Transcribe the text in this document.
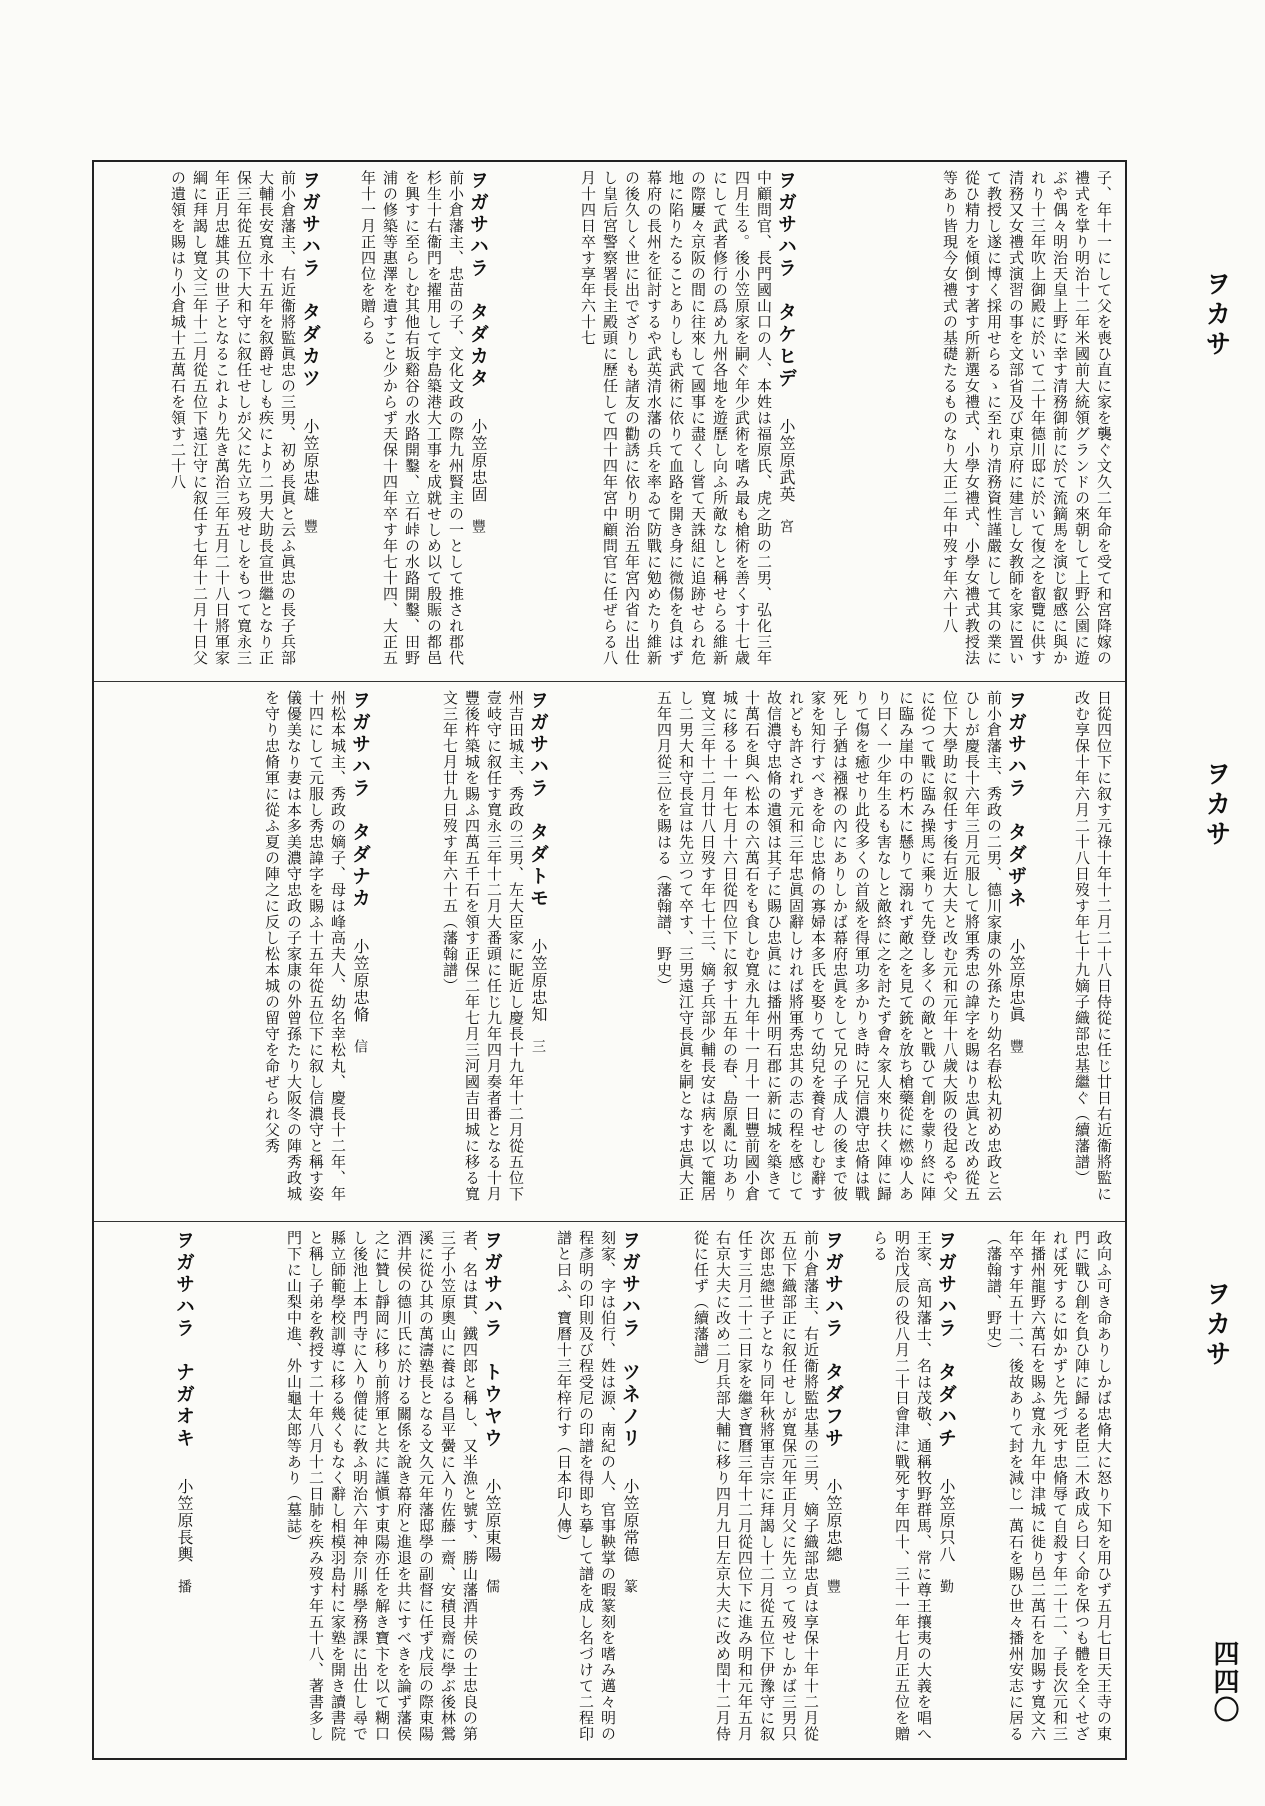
ヲカサ
ヲカサ
ヲカサ
四四〇
子、年十一にして父を喪ひ直に家を襲ぐ文久二年命を受て和宮降嫁の禮式を掌り明治十二年米國前大統領グランドの來朝して上野公園に遊ぶや偶々明治天皇上野に幸す清務御前に於て流鏑馬を演じ叡感に與かれり十三年吹上御殿に於いて二十年德川邸に於いて復之を叡覽に供す清務又女禮式演習の事を文部省及び東京府に建言し女教師を家に置いて教授し遂に博く採用せらるゝに至れり清務資性謹嚴にして其の業に從ひ精力を傾倒す著す所新選女禮式、小學女禮式、小學女禮式教授法等あり皆現今女禮式の基礎たるものなり大正二年中歿す年六十八
ヲガサハラ　タケヒデ小笠原武英　宮
中顧問官、長門國山口の人、本姓は福原氏、虎之助の二男、弘化三年四月生る。後小笠原家を嗣ぐ年少武術を嗜み最も槍術を善くす十七歳にして武者修行の爲め九州各地を遊歷し向ふ所敵なしと稱せらる維新の際屢々京阪の間に往來して國事に盡くし嘗て天誅組に追跡せられ危地に陷りたることありしも武術に依りて血路を開き身に微傷を負はず幕府の長州を征討するや武英清水藩の兵を率ゐて防戰に勉めたり維新の後久しく世に出でざりしも諸友の勸誘に依り明治五年宮內省に出仕し皇后宮警察署長主殿頭に歷任して四十四年宮中顧問官に任ぜらる八月十四日卒す享年六十七
ヲガサハラ　タダカタ小笠原忠固　豐
前小倉藩主、忠苗の子、文化文政の際九州賢主の一として推され郡代杉生十右衞門を擢用して宇島築港大工事を成就せしめ以て殷賑の都邑を興すに至らしむ其他右坂谿谷の水路開鑿、立石峠の水路開鑿、田野浦の修築等惠澤を遺すこと少からず天保十四年卒す年七十四、大正五年十一月正四位を贈らる
ヲガサハラ　タダカツ小笠原忠雄　豐
前小倉藩主、右近衞將監眞忠の三男、初め長眞と云ふ眞忠の長子兵部大輔長安寬永十五年を叙爵せしも疾により二男大助長宣世繼となり正保三年從五位下大和守に叙任せしが父に先立ち歿せしをもつて寬永三年正月忠雄其の世子となるこれより先き萬治三年五月二十八日將軍家綱に拜謁し寬文三年十二月從五位下遠江守に叙任す七年十二月十日父の遺領を賜はり小倉城十五萬石を領す二十八
日從四位下に叙す元祿十年十二月二十八日侍從に任じ廿日右近衞將監に改む享保十年六月二十八日歿す年七十九嫡子織部忠基繼ぐ（續藩譜）
ヲガサハラ　タダザネ小笠原忠眞　豐
前小倉藩主、秀政の二男、德川家康の外孫たり幼名春松丸初め忠政と云ひしが慶長十六年三月元服して將軍秀忠の諱字を賜はり忠眞と改め從五位下大學助に叙任す後右近大夫と改む元和元年十八歲大阪の役起るや父に從つて戰に臨み操馬に乘りて先登し多くの敵と戰ひて創を蒙り終に陣に臨み崖中の朽木に懸りて溺れず敵之を見て銃を放ち槍藥從に燃ゆ人あり曰く一少年生るも害なしと敵終に之を討たず會々家人來り扶く陣に歸りて傷を癒せり此役多くの首級を得軍功多かりき時に兄信濃守忠脩は戰死し子猶は襁褓の內にありしかば幕府忠眞をして兄の子成人の後まで彼家を知行すべきを命じ忠脩の寡婦本多氏を娶りて幼兒を養育せしむ辭すれども許されず元和三年忠眞固辭しければ將軍秀忠其の志の程を感じて故信濃守忠脩の遺領は其子に賜ひ忠眞には播州明石郡に新に城を築きて十萬石を與へ松本の六萬石をも食しむ寬永九年十一月十一日豐前國小倉城に移る十一年七月十六日從四位下に叙す十五年の春、島原亂に功あり寬文三年十二月廿八日歿す年七十三、嫡子兵部少輔長安は病を以て籠居し二男大和守長宣は先立つて卒す、三男遠江守長眞を嗣となす忠眞大正五年四月從三位を賜はる（藩翰譜、野史）
ヲガサハラ　タダトモ小笠原忠知　三
州吉田城主、秀政の三男、左大臣家に眤近し慶長十九年十二月從五位下壹岐守に叙任す寬永三年十二月大番頭に任じ九年四月奏者番となる十月豐後杵築城を賜ふ四萬五千石を領す正保二年七月三河國吉田城に移る寬文三年七月廿九日歿す年六十五（藩翰譜）
ヲガサハラ　タダナカ小笠原忠脩　信
州松本城主、秀政の嫡子、母は峰高夫人、幼名幸松丸、慶長十二年、年十四にして元服し秀忠諱字を賜ふ十五年從五位下に叙し信濃守と稱す姿儀優美なり妻は本多美濃守忠政の子家康の外曾孫たり大阪冬の陣秀政城を守り忠脩軍に從ふ夏の陣之に反し松本城の留守を命ぜられ父秀
政向ふ可き命ありしかば忠脩大に怒り下知を用ひず五月七日天王寺の東門に戰ひ創を負ひ陣に歸る老臣二木政成ら曰く命を保つも體を全くせざれば死するに如かずと先づ死す忠脩辱て自殺す年二十二、子長次元和三年播州龍野六萬石を賜ふ寬永九年中津城に徙り邑二萬石を加賜す寬文六年卒す年五十二、後故ありて封を減じ一萬石を賜ひ世々播州安志に居る（藩翰譜、野史）
ヲガサハラ　タダハチ小笠原只八　勤
王家、高知藩士、名は茂敬、通稱牧野群馬、常に尊王攘夷の大義を唱へ明治戊辰の役八月二十日會津に戰死す年四十、三十一年七月正五位を贈らる
ヲガサハラ　タダフサ小笠原忠總　豐
前小倉藩主、右近衞將監忠基の三男、嫡子織部忠貞は享保十年十二月從五位下織部正に叙任せしが寬保元年正月父に先立って歿せしかば三男只次郎忠總世子となり同年秋將軍吉宗に拜謁し十二月從五位下伊豫守に叙任す三月二十二日家を繼ぎ寶曆三年十二月從四位下に進み明和元年五月右京大夫に改め二月兵部大輔に移り四月九日左京大夫に改め閏十二月侍從に任ず（續藩譜）
ヲガサハラ　ツネノリ小笠原常德　篆
刻家、字は伯行、姓は源、南紀の人、官事鞅掌の暇篆刻を嗜み邁々明の程彥明の印則及び程受尼の印譜を得即ち摹して譜を成し名づけて二程印譜と曰ふ、寶曆十三年梓行す（日本印人傳）
ヲガサハラ　トウヤウ小笠原東陽　儒
者、名は貫、鐵四郎と稱し、又半漁と號す、勝山藩酒井侯の士忠良の第三子小笠原奧山に養はる昌平黌に入り佐藤一齋、安積艮齋に學ぶ後林鶯溪に從ひ其の萬濤塾長となる文久元年藩邸學の副督に任ず戊辰の際東陽酒井侯の德川氏に於ける關係を說き幕府と進退を共にすべきを論ず藩侯之に贊し靜岡に移り前將軍と共に謹愼す東陽亦任を解き寶卞を以て糊口し後池上本門寺に入り僧徒に敎ふ明治六年神奈川縣學務課に出仕し尋で縣立師範學校訓導に移る幾くもなく辭し相模羽島村に家塾を開き讀書院と稱し子弟を敎授す二十年八月十二日肺を疾み歿す年五十八、著書多し門下に山梨中進、外山龜太郎等あり（墓誌）
ヲガサハラ　ナガオキ小笠原長輿　播
